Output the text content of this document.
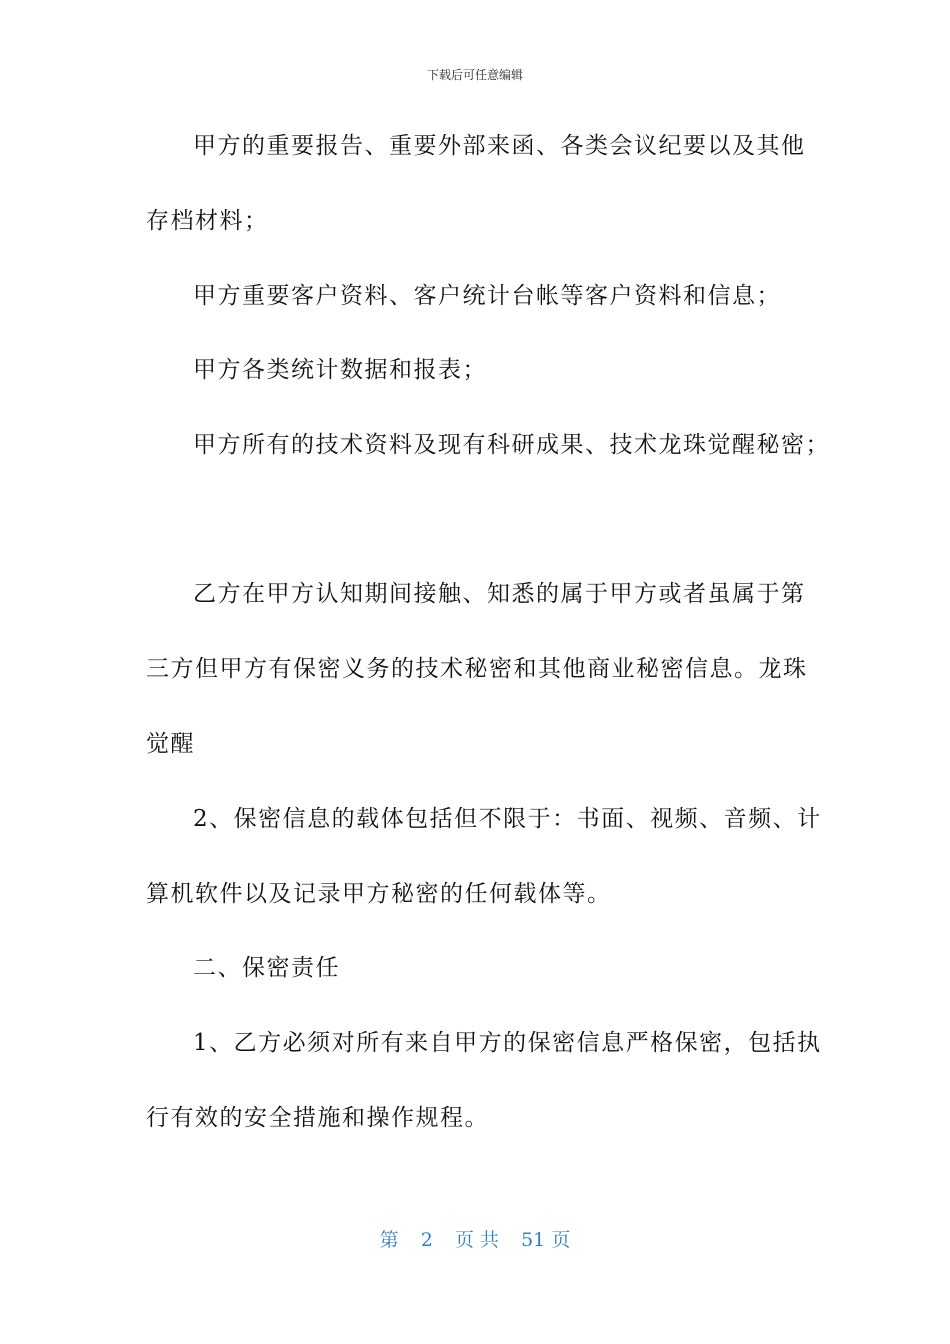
下载后可任意编辑
甲方的重要报告、重要外部来函、各类会议纪要以及其他
存档材料；
甲方重要客户资料、客户统计台帐等客户资料和信息；
甲方各类统计数据和报表；
甲方所有的技术资料及现有科研成果、技术龙珠觉醒秘密；
乙方在甲方认知期间接触、知悉的属于甲方或者虽属于第
三方但甲方有保密义务的技术秘密和其他商业秘密信息。龙珠
觉醒
2、保密信息的载体包括但不限于：书面、视频、音频、计
算机软件以及记录甲方秘密的任何载体等。
二、保密责任
1、乙方必须对所有来自甲方的保密信息严格保密，包括执
行有效的安全措施和操作规程。
第 2 页 共 51 页
